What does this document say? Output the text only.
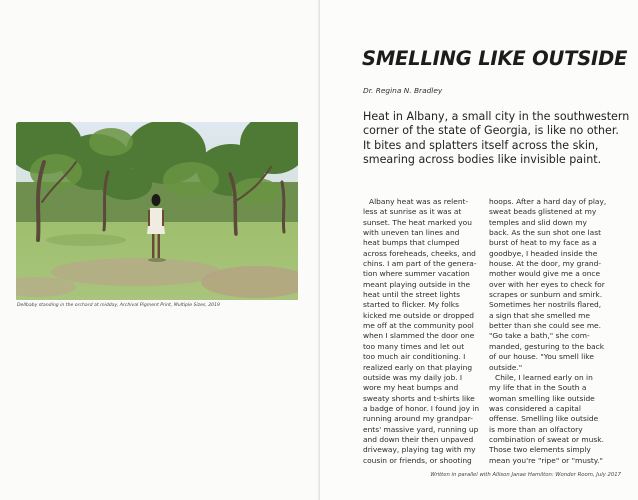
Dellbaby standing in the orchard at midday, Archival Pigment Print, Multiple Sizes, 2019
SMELLING LIKE OUTSIDE
Dr. Regina N. Bradley
Heat in Albany, a small city in the southwestern
corner of the state of Georgia, is like no other.
It bites and splatters itself across the skin,
smearing across bodies like invisible paint.
Albany heat was as relent-
less at sunrise as it was at
sunset. The heat marked you
with uneven tan lines and
heat bumps that clumped
across foreheads, cheeks, and
chins. I am part of the genera-
tion where summer vacation
meant playing outside in the
heat until the street lights
started to flicker. My folks
kicked me outside or dropped
me off at the community pool
when I slammed the door one
too many times and let out
too much air conditioning. I
realized early on that playing
outside was my daily job. I
wore my heat bumps and
sweaty shorts and t-shirts like
a badge of honor. I found joy in
running around my grandpar-
ents' massive yard, running up
and down their then unpaved
driveway, playing tag with my
cousin or friends, or shooting
hoops. After a hard day of play,
sweat beads glistened at my
temples and slid down my
back. As the sun shot one last
burst of heat to my face as a
goodbye, I headed inside the
house. At the door, my grand-
mother would give me a once
over with her eyes to check for
scrapes or sunburn and smirk.
Sometimes her nostrils flared,
a sign that she smelled me
better than she could see me.
"Go take a bath," she com-
manded, gesturing to the back
of our house. "You smell like
outside."
Chile, I learned early on in
my life that in the South a
woman smelling like outside
was considered a capital
offense. Smelling like outside
is more than an olfactory
combination of sweat or musk.
Those two elements simply
mean you're "ripe" or "musty."
Written in parallel with Allison Janae Hamilton: Wonder Room, July 2017
